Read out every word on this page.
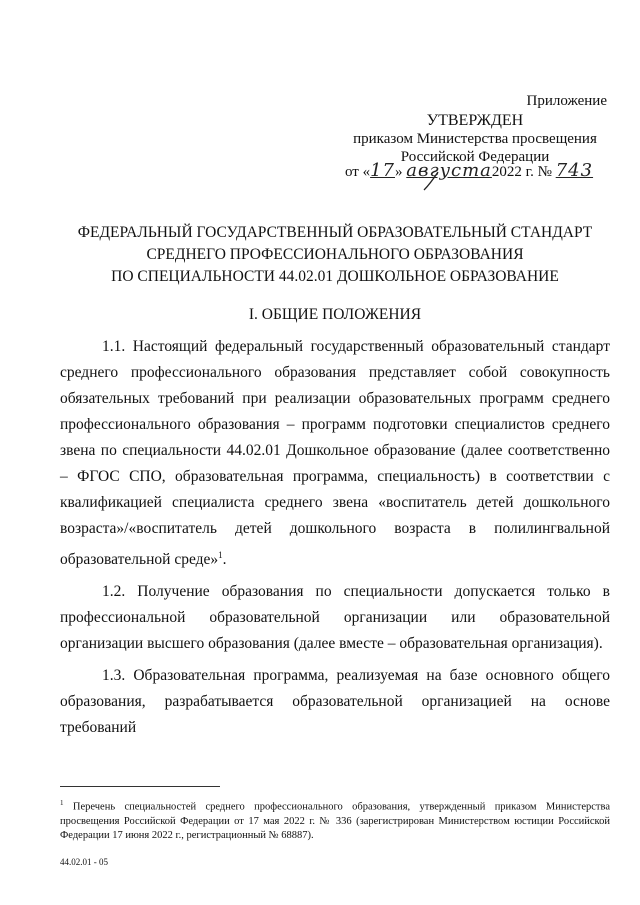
Приложение
УТВЕРЖДЕН
приказом Министерства просвещения
Российской Федерации
от «17» августа2022 г. № 743
ФЕДЕРАЛЬНЫЙ ГОСУДАРСТВЕННЫЙ ОБРАЗОВАТЕЛЬНЫЙ СТАНДАРТ
СРЕДНЕГО ПРОФЕССИОНАЛЬНОГО ОБРАЗОВАНИЯ
ПО СПЕЦИАЛЬНОСТИ 44.02.01 ДОШКОЛЬНОЕ ОБРАЗОВАНИЕ
I. ОБЩИЕ ПОЛОЖЕНИЯ

1.1. Настоящий федеральный государственный образовательный стандарт среднего профессионального образования представляет собой совокупность обязательных требований при реализации образовательных программ среднего профессионального образования – программ подготовки специалистов среднего звена по специальности 44.02.01 Дошкольное образование (далее соответственно – ФГОС СПО, образовательная программа, специальность) в соответствии с квалификацией специалиста среднего звена «воспитатель детей дошкольного возраста»/«воспитатель детей дошкольного возраста в полилингвальной образовательной среде»$^1$.

1.2. Получение образования по специальности допускается только в профессиональной образовательной организации или образовательной организации высшего образования (далее вместе – образовательная организация).

1.3. Образовательная программа, реализуемая на базе основного общего образования, разрабатывается образовательной организацией на основе требований

$^1$ Перечень специальностей среднего профессионального образования, утвержденный приказом Министерства просвещения Российской Федерации от 17 мая 2022 г. № 336 (зарегистрирован Министерством юстиции Российской Федерации 17 июня 2022 г., регистрационный № 68887).
44.02.01 - 05
